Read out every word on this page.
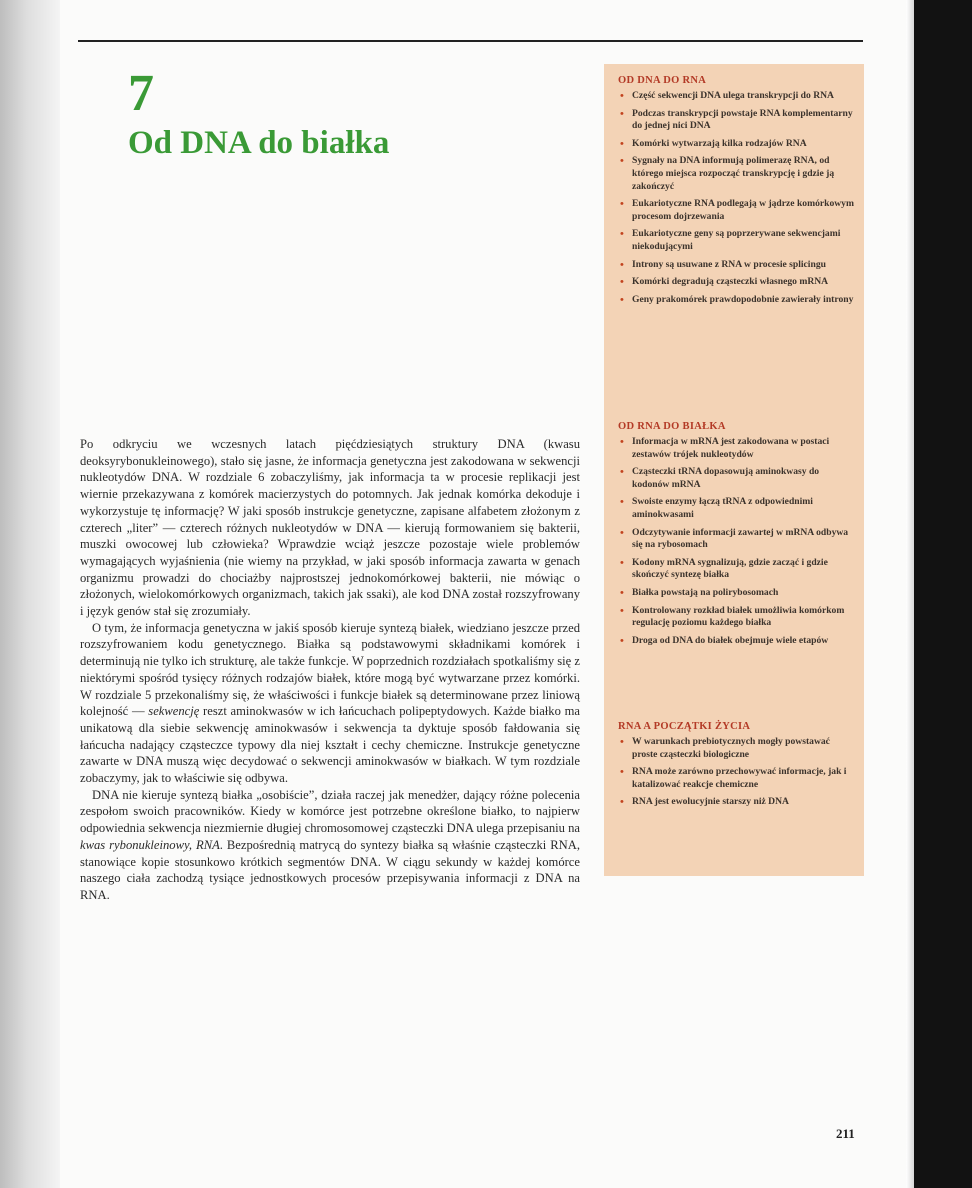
7
Od DNA do białka

Po odkryciu we wczesnych latach pięćdziesiątych struktury DNA (kwasu deoksyrybonukleinowego), stało się jasne, że informacja genetyczna jest zakodowana w sekwencji nukleotydów DNA. W rozdziale 6 zobaczyliśmy, jak informacja ta w procesie replikacji jest wiernie przekazywana z komórek macierzystych do potomnych. Jak jednak komórka dekoduje i wykorzystuje tę informację? W jaki sposób instrukcje genetyczne, zapisane alfabetem złożonym z czterech „liter” — czterech różnych nukleotydów w DNA — kierują formowaniem się bakterii, muszki owocowej lub człowieka? Wprawdzie wciąż jeszcze pozostaje wiele problemów wymagających wyjaśnienia (nie wiemy na przykład, w jaki sposób informacja zawarta w genach organizmu prowadzi do chociażby najprostszej jednokomórkowej bakterii, nie mówiąc o złożonych, wielokomórkowych organizmach, takich jak ssaki), ale kod DNA został rozszyfrowany i język genów stał się zrozumiały.

O tym, że informacja genetyczna w jakiś sposób kieruje syntezą białek, wiedziano jeszcze przed rozszyfrowaniem kodu genetycznego. Białka są podstawowymi składnikami komórek i determinują nie tylko ich strukturę, ale także funkcje. W poprzednich rozdziałach spotkaliśmy się z niektórymi spośród tysięcy różnych rodzajów białek, które mogą być wytwarzane przez komórki. W rozdziale 5 przekonaliśmy się, że właściwości i funkcje białek są determinowane przez liniową kolejność — sekwencję reszt aminokwasów w ich łańcuchach polipeptydowych. Każde białko ma unikatową dla siebie sekwencję aminokwasów i sekwencja ta dyktuje sposób fałdowania się łańcucha nadający cząsteczce typowy dla niej kształt i cechy chemiczne. Instrukcje genetyczne zawarte w DNA muszą więc decydować o sekwencji aminokwasów w białkach. W tym rozdziale zobaczymy, jak to właściwie się odbywa.

DNA nie kieruje syntezą białka „osobiście”, działa raczej jak menedżer, dający różne polecenia zespołom swoich pracowników. Kiedy w komórce jest potrzebne określone białko, to najpierw odpowiednia sekwencja niezmiernie długiej chromosomowej cząsteczki DNA ulega przepisaniu na kwas rybonukleinowy, RNA. Bezpośrednią matrycą do syntezy białka są właśnie cząsteczki RNA, stanowiące kopie stosunkowo krótkich segmentów DNA. W ciągu sekundy w każdej komórce naszego ciała zachodzą tysiące jednostkowych procesów przepisywania informacji z DNA na RNA.

OD DNA DO RNA
• Część sekwencji DNA ulega transkrypcji do RNA
• Podczas transkrypcji powstaje RNA komplementarny do jednej nici DNA
• Komórki wytwarzają kilka rodzajów RNA
• Sygnały na DNA informują polimerazę RNA, od którego miejsca rozpocząć transkrypcję i gdzie ją zakończyć
• Eukariotyczne RNA podlegają w jądrze komórkowym procesom dojrzewania
• Eukariotyczne geny są poprzerywane sekwencjami niekodującymi
• Introny są usuwane z RNA w procesie splicingu
• Komórki degradują cząsteczki własnego mRNA
• Geny prakomórek prawdopodobnie zawierały introny
OD RNA DO BIAŁKA
• Informacja w mRNA jest zakodowana w postaci zestawów trójek nukleotydów
• Cząsteczki tRNA dopasowują aminokwasy do kodonów mRNA
• Swoiste enzymy łączą tRNA z odpowiednimi aminokwasami
• Odczytywanie informacji zawartej w mRNA odbywa się na rybosomach
• Kodony mRNA sygnalizują, gdzie zacząć i gdzie skończyć syntezę białka
• Białka powstają na polirybosomach
• Kontrolowany rozkład białek umożliwia komórkom regulację poziomu każdego białka
• Droga od DNA do białek obejmuje wiele etapów
RNA A POCZĄTKI ŻYCIA
• W warunkach prebiotycznych mogły powstawać proste cząsteczki biologiczne
• RNA może zarówno przechowywać informacje, jak i katalizować reakcje chemiczne
• RNA jest ewolucyjnie starszy niż DNA
211
